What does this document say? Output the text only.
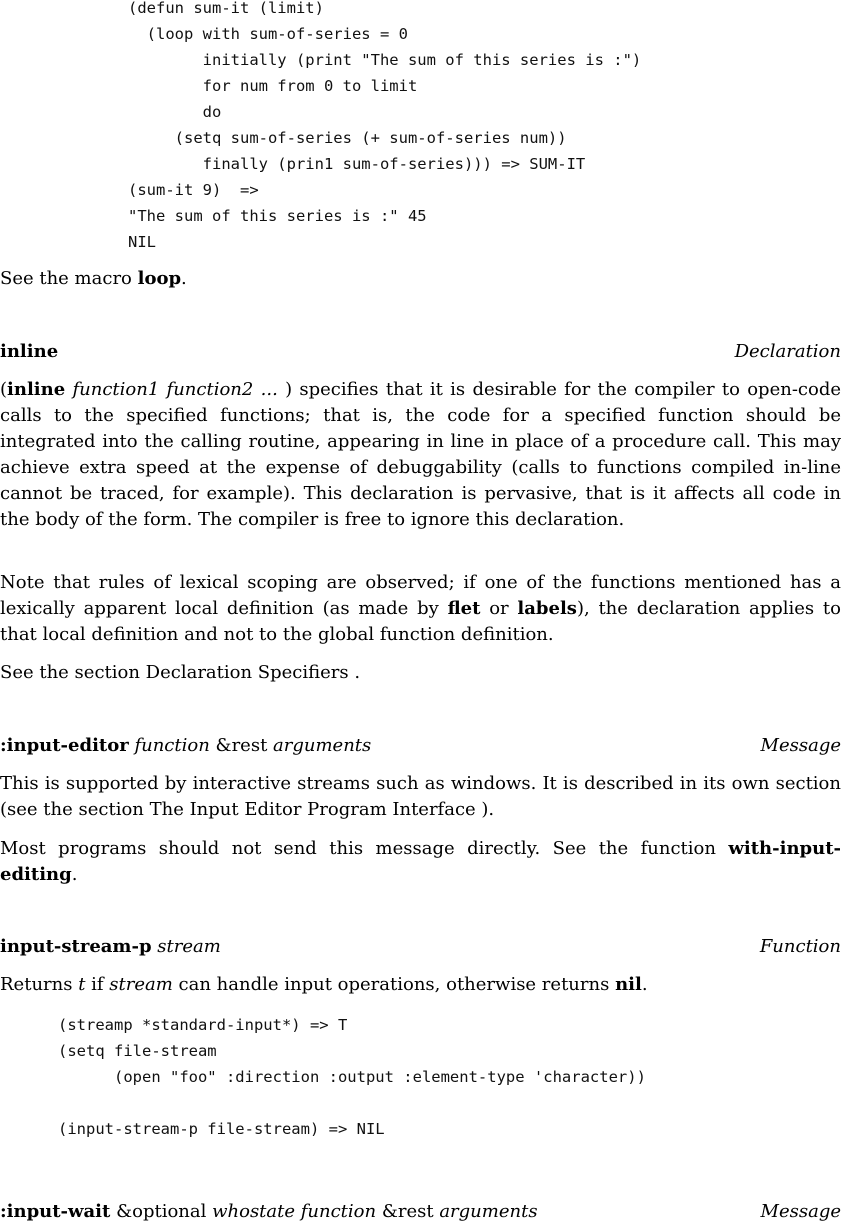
(defun sum-it (limit)
(loop with sum-of-series = 0
initially (print "The sum of this series is :")
for num from 0 to limit
do
(setq sum-of-series (+ sum-of-series num))
finally (prin1 sum-of-series))) => SUM-IT
(sum-it 9)  =>
"The sum of this series is :" 45
NIL

See the macro loop.

inline	Declaration

(inline function1 function2 ... ) specifies that it is desirable for the compiler to open-code calls to the specified functions; that is, the code for a specified function should be integrated into the calling routine, appearing in line in place of a procedure call. This may achieve extra speed at the expense of debuggability (calls to functions compiled in-line cannot be traced, for example). This declaration is pervasive, that is it affects all code in the body of the form. The compiler is free to ignore this declaration.

Note that rules of lexical scoping are observed; if one of the functions mentioned has a lexically apparent local definition (as made by flet or labels), the declaration applies to that local definition and not to the global function definition.

See the section Declaration Specifiers .

:input-editor function &rest arguments	Message

This is supported by interactive streams such as windows. It is described in its own section (see the section The Input Editor Program Interface ).

Most programs should not send this message directly. See the function with-input-editing.

input-stream-p stream	Function

Returns t if stream can handle input operations, otherwise returns nil.

(streamp *standard-input*) => T
(setq file-stream
(open "foo" :direction :output :element-type 'character))

(input-stream-p file-stream) => NIL
:input-wait &optional whostate function &rest arguments	Message
